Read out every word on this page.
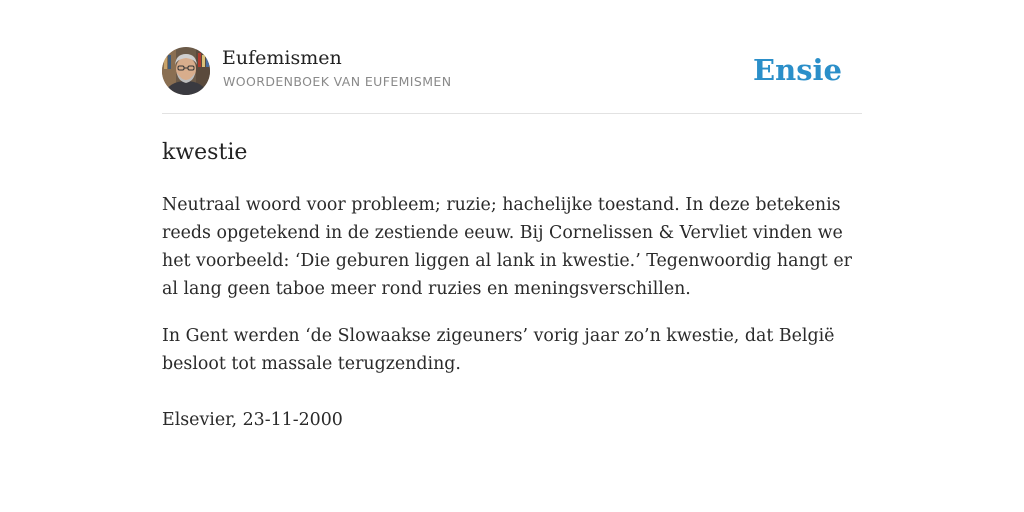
Eufemismen
WOORDENBOEK VAN EUFEMISMEN	Ensie
kwestie

Neutraal woord voor probleem; ruzie; hachelijke toestand. In deze betekenis reeds opgetekend in de zestiende eeuw. Bij Cornelissen & Vervliet vinden we het voorbeeld: ‘Die geburen liggen al lank in kwestie.’ Tegenwoordig hangt er al lang geen taboe meer rond ruzies en meningsverschillen.

In Gent werden ‘de Slowaakse zigeuners’ vorig jaar zo’n kwestie, dat België besloot tot massale terugzending.

Elsevier, 23-11-2000
